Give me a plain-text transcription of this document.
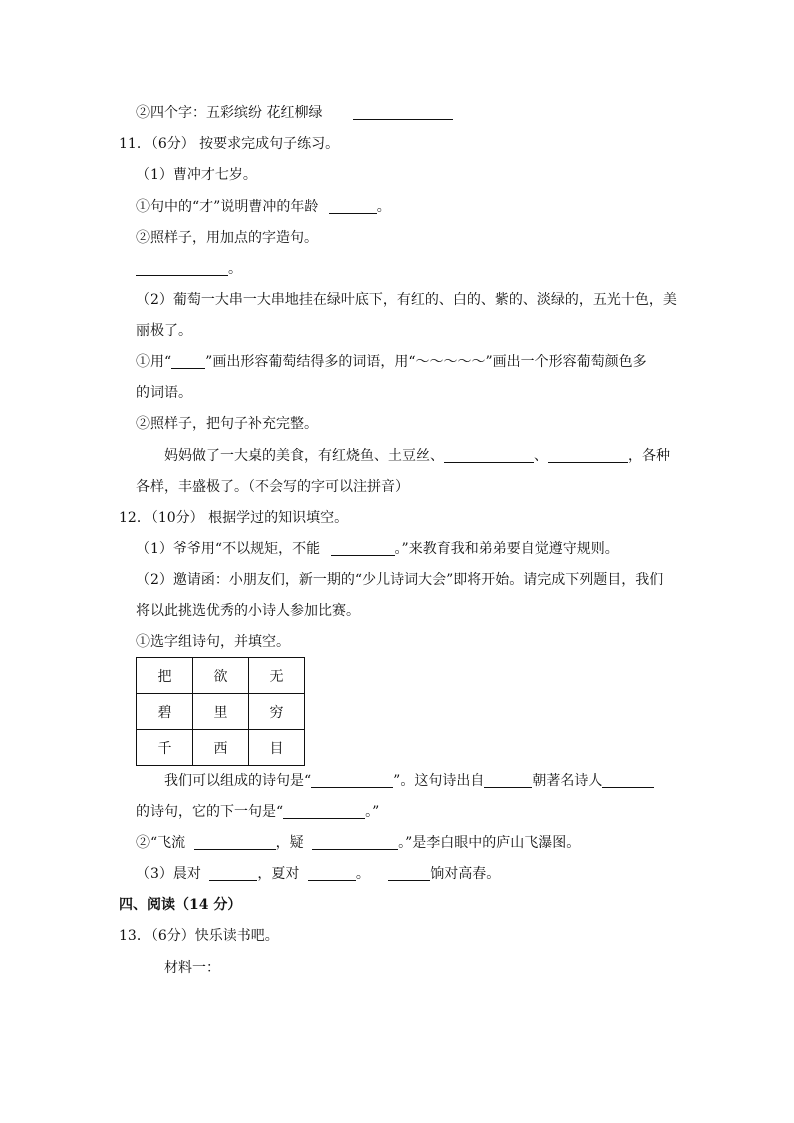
②四个字：五彩缤纷 花红柳绿
11．（6分） 按要求完成句子练习。
（1）曹冲才七岁。
①句中的“才”说明曹冲的年龄	。
②照样子，用加点的字造句。
。
（2）葡萄一大串一大串地挂在绿叶底下，有红的、白的、紫的、淡绿的，五光十色，美
丽极了。
①用“ ”画出形容葡萄结得多的词语，用“～～～～～”画出一个形容葡萄颜色多
的词语。
②照样子，把句子补充完整。
妈妈做了一大桌的美食，有红烧鱼、土豆丝、	、	，各种
各样，丰盛极了。（不会写的字可以注拼音）
12．（10分） 根据学过的知识填空。
（1）爷爷用“不以规矩，不能	。”来教育我和弟弟要自觉遵守规则。
（2）邀请函：小朋友们，新一期的“少儿诗词大会”即将开始。请完成下列题目，我们
将以此挑选优秀的小诗人参加比赛。
①选字组诗句，并填空。
把	欲	无
碧	里	穷
千	西	目
我们可以组成的诗句是“	”。这句诗出自	朝著名诗人
的诗句，它的下一句是“	。”
②“飞流	，疑	。”是李白眼中的庐山飞瀑图。
（3）晨对	，夏对	。	饷对高春。
四、阅读（14 分）
13．（6分）快乐读书吧。
材料一：
